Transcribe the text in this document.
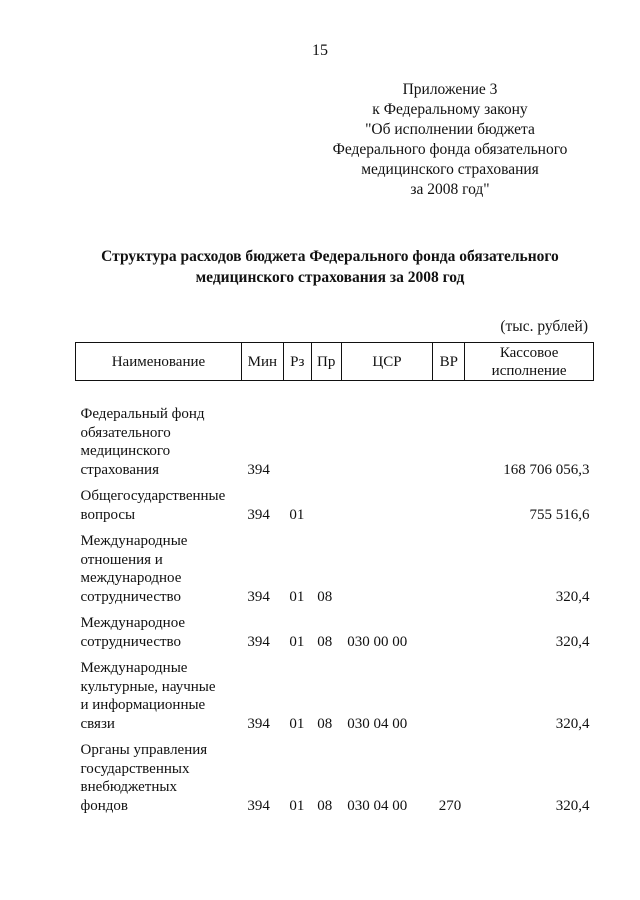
15
Приложение 3
к Федеральному закону
"Об исполнении бюджета
Федерального фонда обязательного
медицинского страхования
за 2008 год"
Структура расходов бюджета Федерального фонда обязательного
медицинского страхования за 2008 год
(тыс. рублей)
Наименование	Мин	Рз	Пр	ЦСР	ВР	Кассовое
исполнение

Федеральный фонд
обязательного
медицинского
страхования	394					168 706 056,3

Общегосударственные
вопросы	394	01				755 516,6

Международные
отношения и
международное
сотрудничество	394	01	08			320,4

Международное
сотрудничество	394	01	08	030 00 00		320,4

Международные
культурные, научные
и информационные
связи	394	01	08	030 04 00		320,4

Органы управления
государственных
внебюджетных
фондов	394	01	08	030 04 00	270	320,4
